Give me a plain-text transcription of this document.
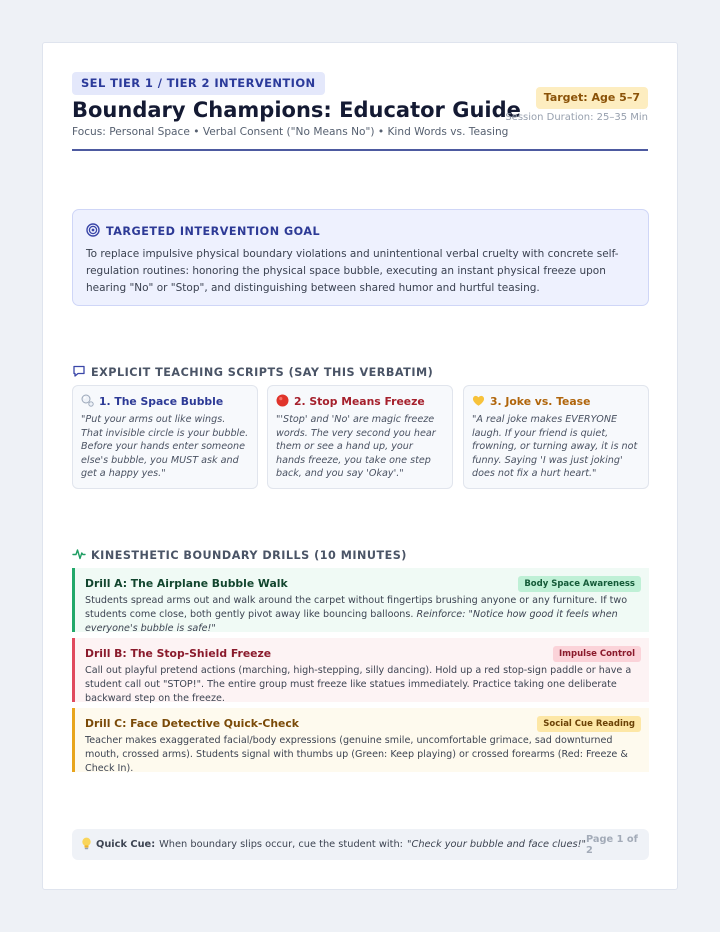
SEL TIER 1 / TIER 2 INTERVENTION
Boundary Champions: Educator Guide
Focus: Personal Space • Verbal Consent ("No Means No") • Kind Words vs. Teasing
Target: Age 5–7
Session Duration: 25–35 Min
TARGETED INTERVENTION GOAL
To replace impulsive physical boundary violations and unintentional verbal cruelty with concrete self-regulation routines: honoring the physical space bubble, executing an instant physical freeze upon hearing "No" or "Stop", and distinguishing between shared humor and hurtful teasing.
EXPLICIT TEACHING SCRIPTS (SAY THIS VERBATIM)
1. The Space Bubble
"Put your arms out like wings. That invisible circle is your bubble. Before your hands enter someone else's bubble, you MUST ask and get a happy yes."
2. Stop Means Freeze
"'Stop' and 'No' are magic freeze words. The very second you hear them or see a hand up, your hands freeze, you take one step back, and you say 'Okay'."
3. Joke vs. Tease
"A real joke makes EVERYONE laugh. If your friend is quiet, frowning, or turning away, it is not funny. Saying 'I was just joking' does not fix a hurt heart."
KINESTHETIC BOUNDARY DRILLS (10 MINUTES)
Drill A: The Airplane Bubble Walk	Body Space Awareness
Students spread arms out and walk around the carpet without fingertips brushing anyone or any furniture. If two students come close, both gently pivot away like bouncing balloons. Reinforce: "Notice how good it feels when everyone's bubble is safe!"
Drill B: The Stop-Shield Freeze	Impulse Control
Call out playful pretend actions (marching, high-stepping, silly dancing). Hold up a red stop-sign paddle or have a student call out "STOP!". The entire group must freeze like statues immediately. Practice taking one deliberate backward step on the freeze.
Drill C: Face Detective Quick-Check	Social Cue Reading
Teacher makes exaggerated facial/body expressions (genuine smile, uncomfortable grimace, sad downturned mouth, crossed arms). Students signal with thumbs up (Green: Keep playing) or crossed forearms (Red: Freeze & Check In).
Quick Cue: When boundary slips occur, cue the student with: "Check your bubble and face clues!" Page 1 of 2
